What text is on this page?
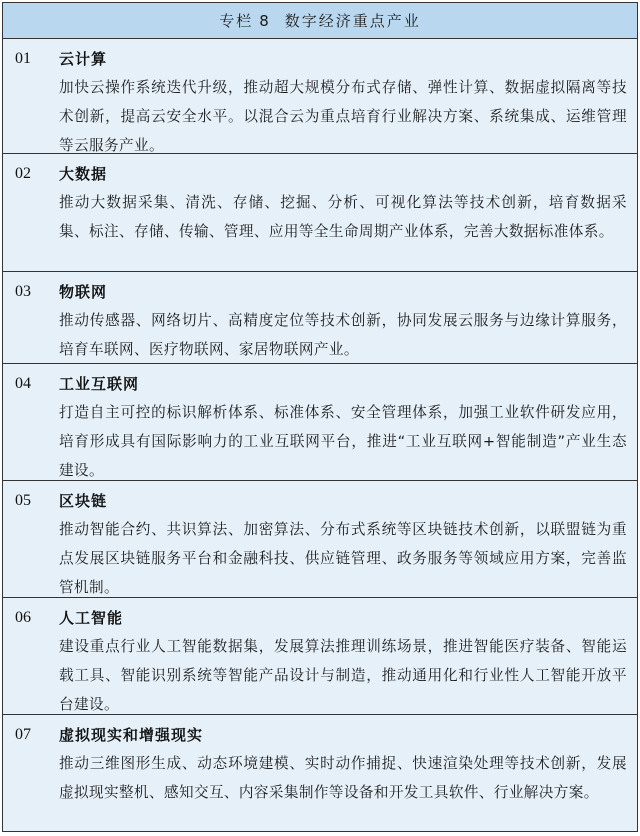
专栏 8 数字经济重点产业
01	云计算

加快云操作系统迭代升级，推动超大规模分布式存储、弹性计算、数据虚拟隔离等技术创新，提高云安全水平。以混合云为重点培育行业解决方案、系统集成、运维管理等云服务产业。

02	大数据

推动大数据采集、清洗、存储、挖掘、分析、可视化算法等技术创新，培育数据采集、标注、存储、传输、管理、应用等全生命周期产业体系，完善大数据标准体系。

03	物联网

推动传感器、网络切片、高精度定位等技术创新，协同发展云服务与边缘计算服务，培育车联网、医疗物联网、家居物联网产业。

04	工业互联网

打造自主可控的标识解析体系、标准体系、安全管理体系，加强工业软件研发应用，培育形成具有国际影响力的工业互联网平台，推进“工业互联网+智能制造”产业生态建设。

05	区块链

推动智能合约、共识算法、加密算法、分布式系统等区块链技术创新，以联盟链为重点发展区块链服务平台和金融科技、供应链管理、政务服务等领域应用方案，完善监管机制。

06	人工智能

建设重点行业人工智能数据集，发展算法推理训练场景，推进智能医疗装备、智能运载工具、智能识别系统等智能产品设计与制造，推动通用化和行业性人工智能开放平台建设。

07	虚拟现实和增强现实

推动三维图形生成、动态环境建模、实时动作捕捉、快速渲染处理等技术创新，发展虚拟现实整机、感知交互、内容采集制作等设备和开发工具软件、行业解决方案。
